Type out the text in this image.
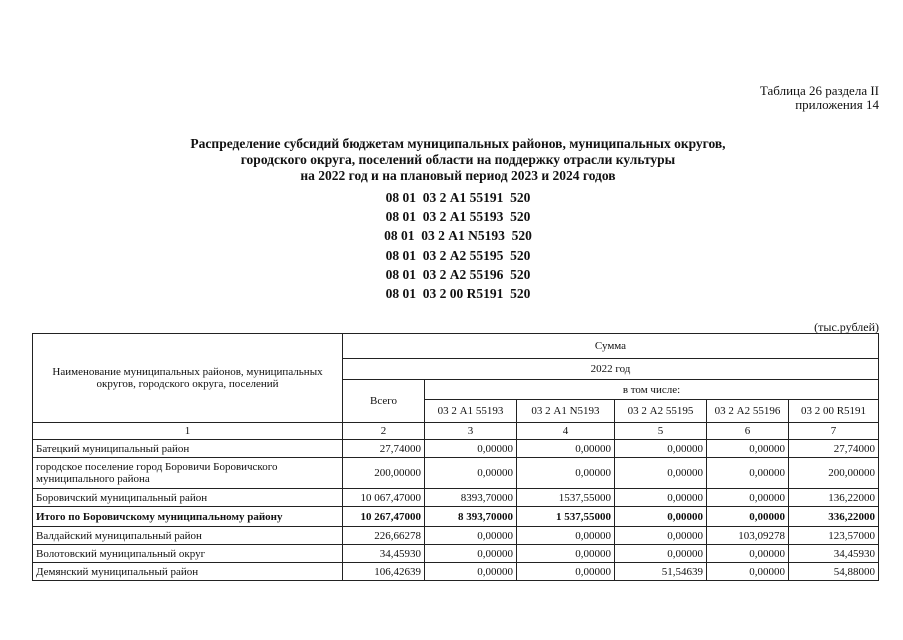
Таблица 26 раздела II
приложения 14
Распределение субсидий бюджетам муниципальных районов, муниципальных округов,
городского округа, поселений области на поддержку отрасли культуры
на 2022 год и на плановый период 2023 и 2024 годов
08 01  03 2 А1 55191  520
08 01  03 2 А1 55193  520
08 01  03 2 А1 N5193  520
08 01  03 2 А2 55195  520
08 01  03 2 А2 55196  520
08 01  03 2 00 R5191  520
(тыс.рублей)
Наименование муниципальных районов, муниципальных округов, городского округа, поселений	Сумма					
	2022 год					
	Всего	в том числе:				
		03 2 А1 55193	03 2 А1 N5193	03 2 А2 55195	03 2 А2 55196	03 2 00 R5191
1	2	3	4	5	6	7
Батецкий муниципальный район	27,74000	0,00000	0,00000	0,00000	0,00000	27,74000
городское поселение город Боровичи Боровичского муниципального района	200,00000	0,00000	0,00000	0,00000	0,00000	200,00000
Боровичский муниципальный район	10 067,47000	8393,70000	1537,55000	0,00000	0,00000	136,22000
Итого по Боровичскому муниципальному району	10 267,47000	8 393,70000	1 537,55000	0,00000	0,00000	336,22000
Валдайский муниципальный район	226,66278	0,00000	0,00000	0,00000	103,09278	123,57000
Волотовский муниципальный округ	34,45930	0,00000	0,00000	0,00000	0,00000	34,45930
Демянский муниципальный район	106,42639	0,00000	0,00000	51,54639	0,00000	54,88000
